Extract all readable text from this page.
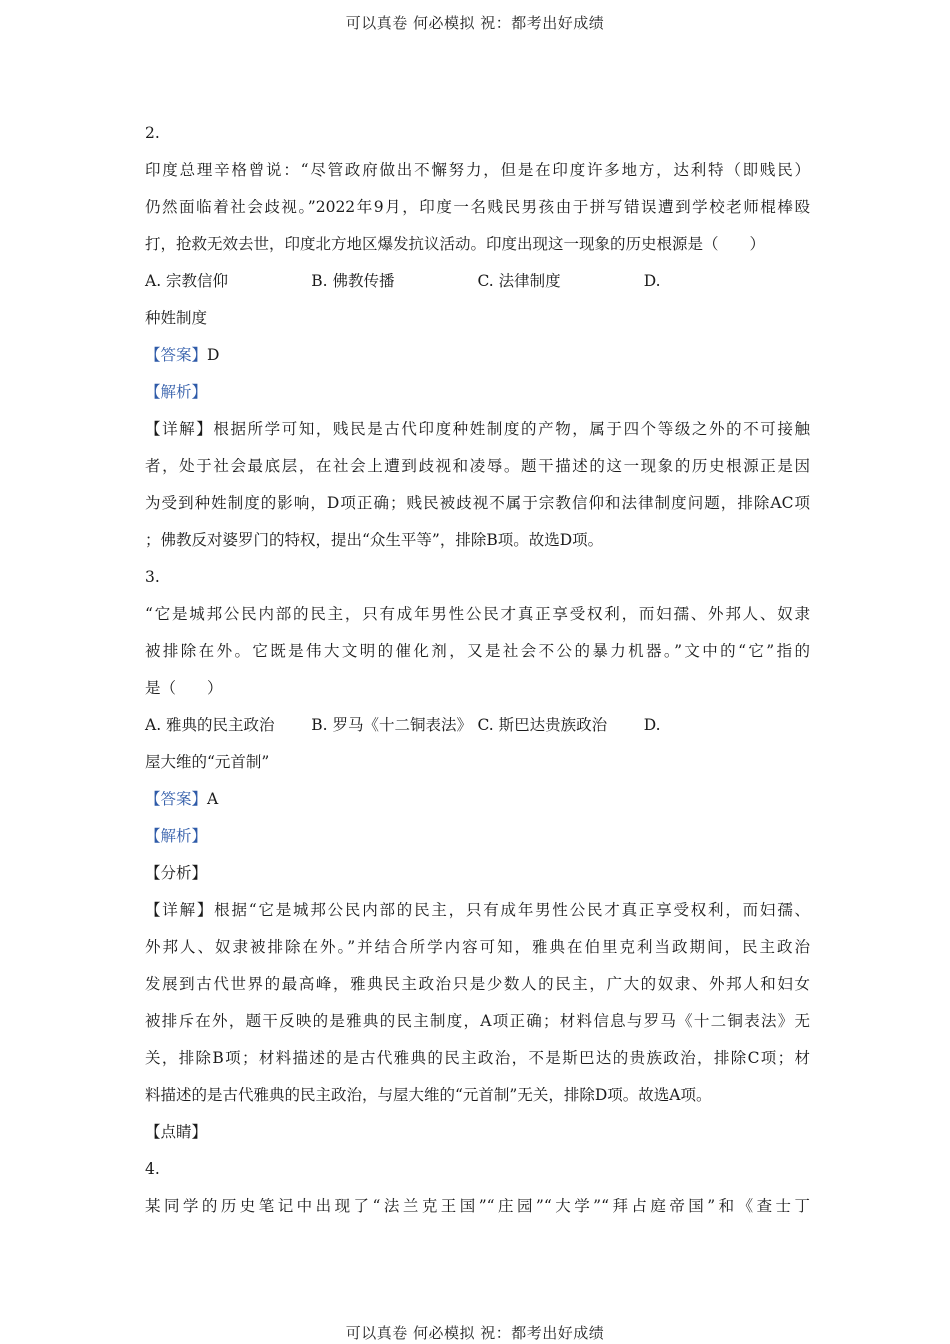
可以真卷 何必模拟 祝：都考出好成绩
2.
印度总理辛格曾说：“尽管政府做出不懈努力，但是在印度许多地方，达利特（即贱民）
仍然面临着社会歧视。”2022年9月，印度一名贱民男孩由于拼写错误遭到学校老师棍棒殴
打，抢救无效去世，印度北方地区爆发抗议活动。印度出现这一现象的历史根源是（　　）
A. 宗教信仰	B. 佛教传播	C. 法律制度	D.
种姓制度
【答案】D
【解析】
【详解】根据所学可知，贱民是古代印度种姓制度的产物，属于四个等级之外的不可接触
者，处于社会最底层，在社会上遭到歧视和凌辱。题干描述的这一现象的历史根源正是因
为受到种姓制度的影响，D项正确；贱民被歧视不属于宗教信仰和法律制度问题，排除AC项
；佛教反对婆罗门的特权，提出“众生平等”，排除B项。故选D项。
3.
“它是城邦公民内部的民主，只有成年男性公民才真正享受权利，而妇孺、外邦人、奴隶
被排除在外。它既是伟大文明的催化剂，又是社会不公的暴力机器。”文中的“它”指的
是（　　）
A. 雅典的民主政治	B. 罗马《十二铜表法》 C. 斯巴达贵族政治	D.
屋大维的“元首制”
【答案】A
【解析】
【分析】
【详解】根据“它是城邦公民内部的民主，只有成年男性公民才真正享受权利，而妇孺、
外邦人、奴隶被排除在外。”并结合所学内容可知，雅典在伯里克利当政期间，民主政治
发展到古代世界的最高峰，雅典民主政治只是少数人的民主，广大的奴隶、外邦人和妇女
被排斥在外，题干反映的是雅典的民主制度，A项正确；材料信息与罗马《十二铜表法》无
关，排除B项；材料描述的是古代雅典的民主政治，不是斯巴达的贵族政治，排除C项；材
料描述的是古代雅典的民主政治，与屋大维的“元首制”无关，排除D项。故选A项。
【点睛】
4.
某同学的历史笔记中出现了“法兰克王国”“庄园”“大学”“拜占庭帝国”和《查士丁
可以真卷 何必模拟 祝：都考出好成绩
